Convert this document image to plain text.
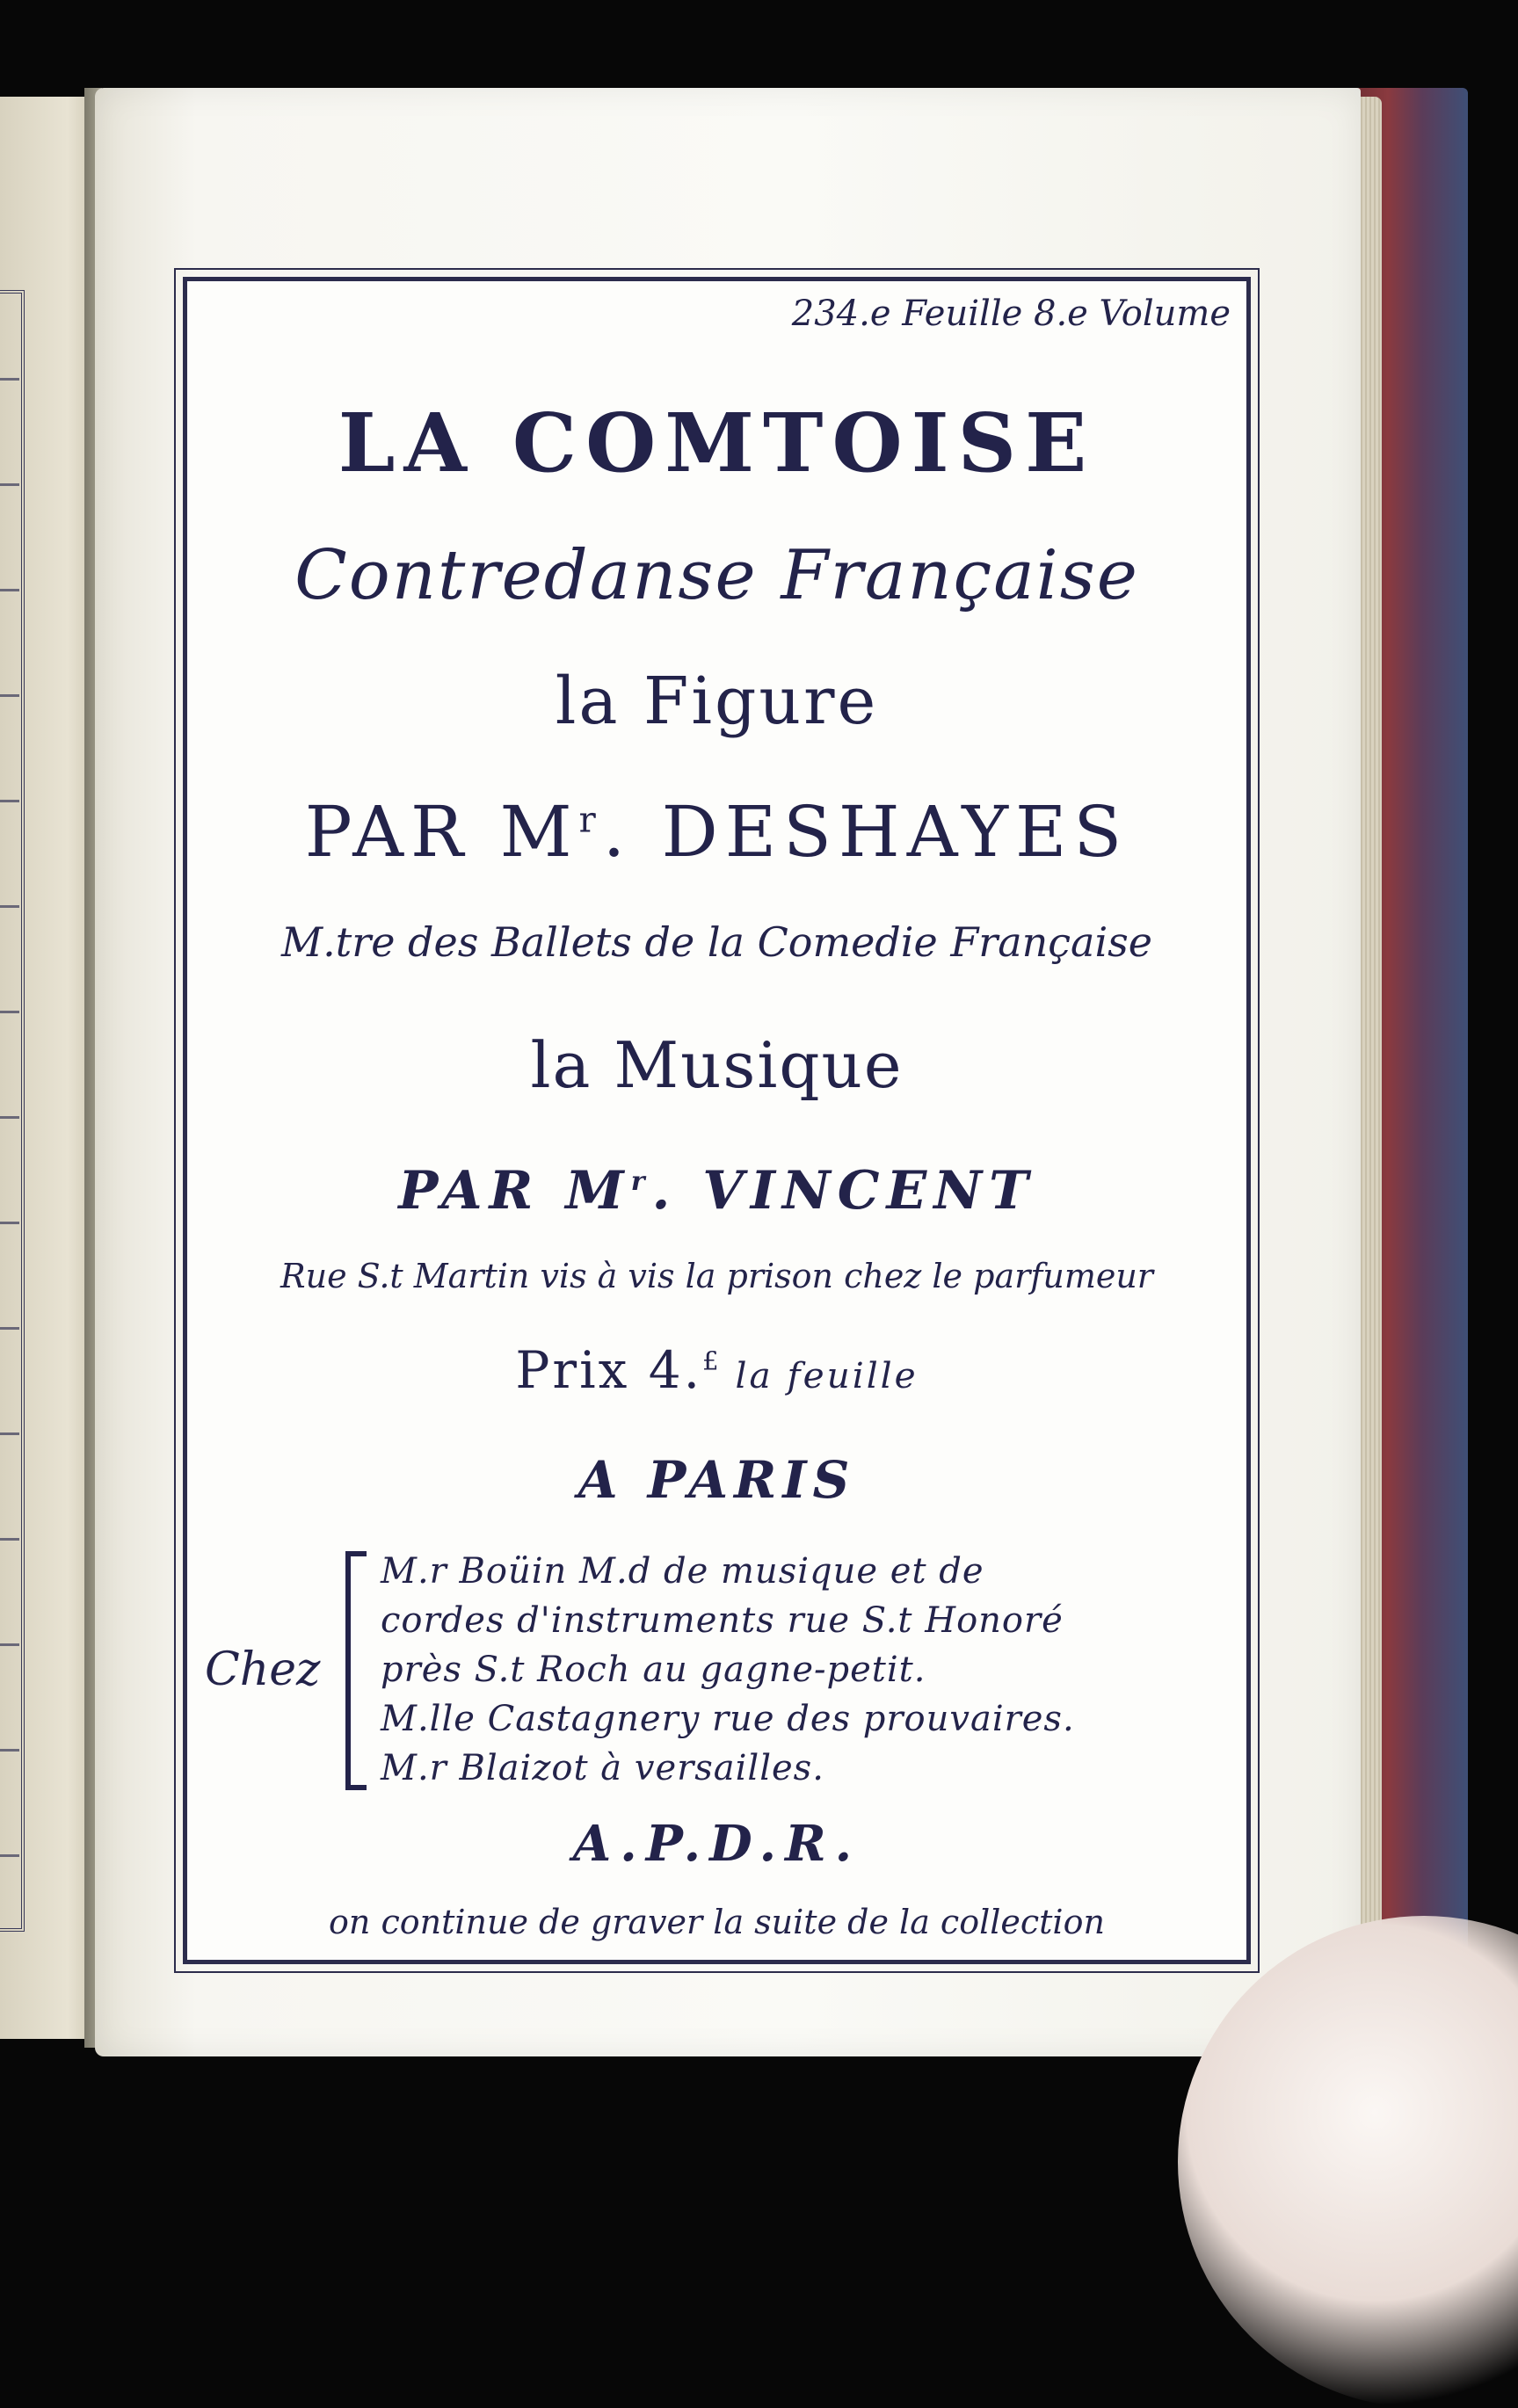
234.e Feuille 8.e Volume
LA COMTOISE
Contredanse Française
la Figure
PAR $M^r$. DESHAYES
M.tre des Ballets de la Comedie Française
la Musique
PAR $M^r$. VINCENT
Rue S.t Martin vis à vis la prison chez le parfumeur
Prix 4.£ la feuille
A PARIS
Chez
M.r Boüin M.d de musique et de
cordes d'instruments rue S.t Honoré
près S.t Roch au gagne-petit.
M.lle Castagnery rue des prouvaires.
M.r Blaizot à versailles.
A.P.D.R.
on continue de graver la suite de la collection
